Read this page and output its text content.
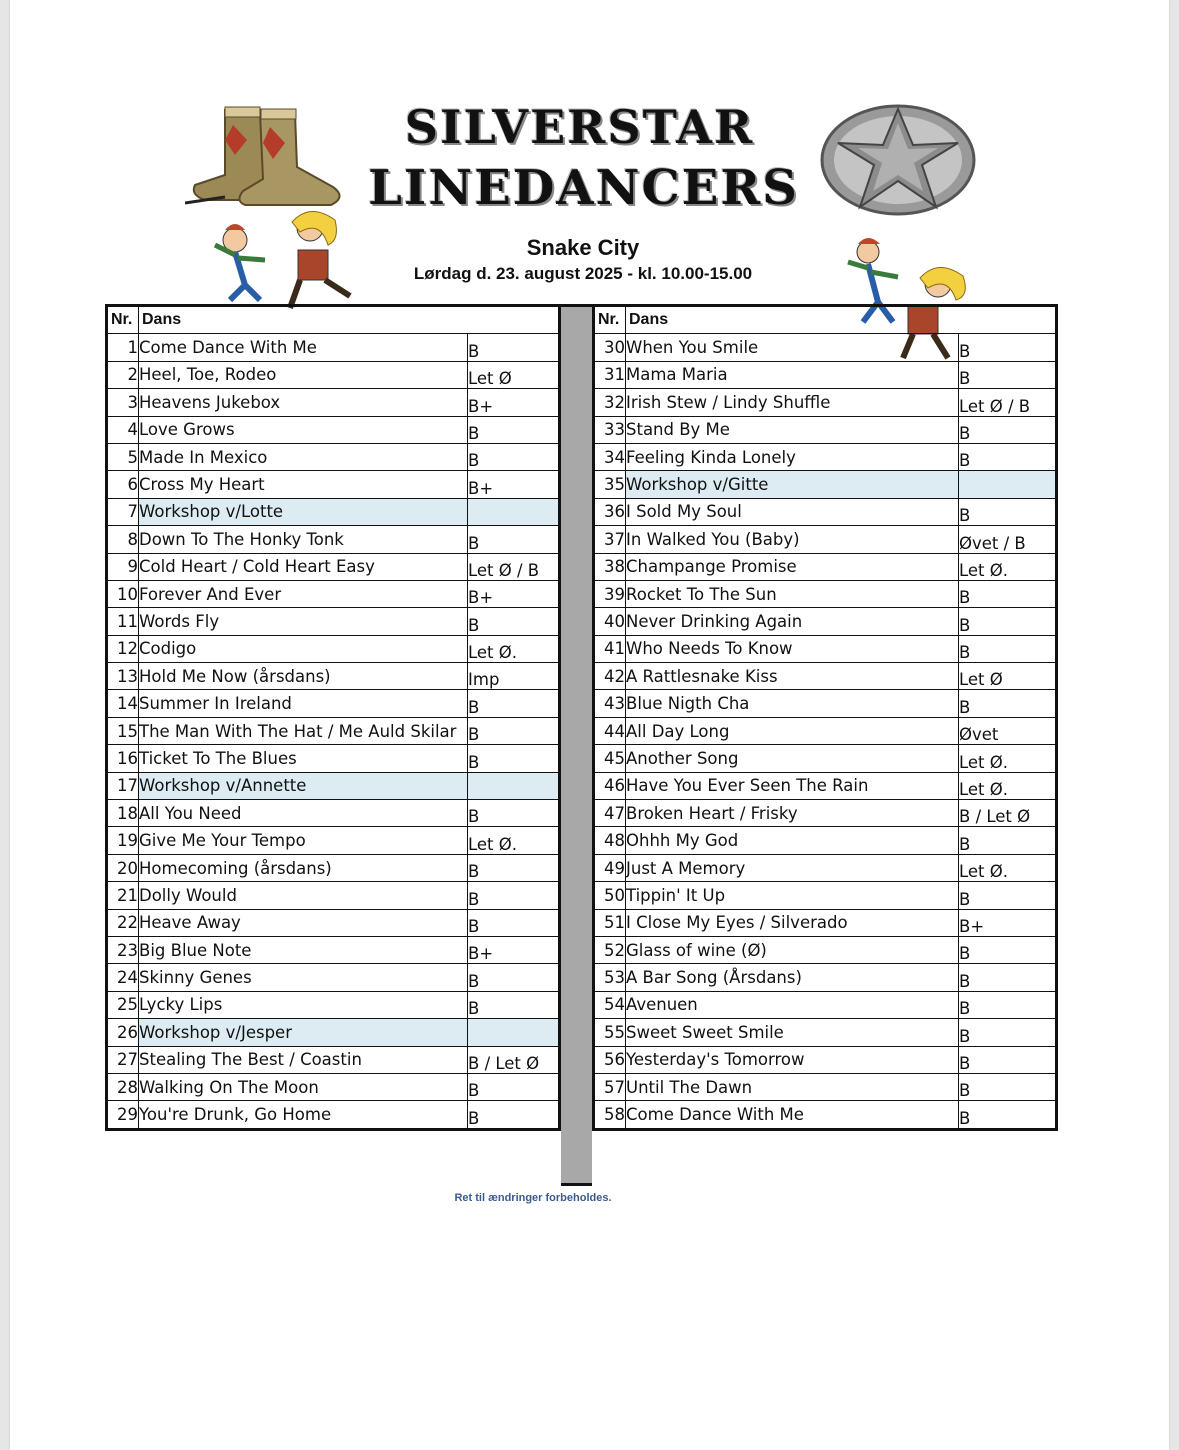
SILVERSTAR
LINEDANCERS
Snake City
Lørdag d. 23. august 2025 - kl. 10.00-15.00
Nr.	Dans	
1	Come Dance With Me	B
2	Heel, Toe, Rodeo	Let Ø
3	Heavens Jukebox	B+
4	Love Grows	B
5	Made In Mexico	B
6	Cross My Heart	B+
7	Workshop v/Lotte	
8	Down To The Honky Tonk	B
9	Cold Heart / Cold Heart Easy	Let Ø / B
10	Forever And Ever	B+
11	Words Fly	B
12	Codigo	Let Ø.
13	Hold Me Now (årsdans)	Imp
14	Summer In Ireland	B
15	The Man With The Hat / Me Auld Skilar	B
16	Ticket To The Blues	B
17	Workshop v/Annette	
18	All You Need	B
19	Give Me Your Tempo	Let Ø.
20	Homecoming (årsdans)	B
21	Dolly Would	B
22	Heave Away	B
23	Big Blue Note	B+
24	Skinny Genes	B
25	Lycky Lips	B
26	Workshop v/Jesper	
27	Stealing The Best / Coastin	B / Let Ø
28	Walking On The Moon	B
29	You're Drunk, Go Home	B
Nr.	Dans	
30	When You Smile	B
31	Mama Maria	B
32	Irish Stew / Lindy Shuffle	Let Ø / B
33	Stand By Me	B
34	Feeling Kinda Lonely	B
35	Workshop v/Gitte	
36	I Sold My Soul	B
37	In Walked You (Baby)	Øvet / B
38	Champange Promise	Let Ø.
39	Rocket To The Sun	B
40	Never Drinking Again	B
41	Who Needs To Know	B
42	A Rattlesnake Kiss	Let Ø
43	Blue Nigth Cha	B
44	All Day Long	Øvet
45	Another Song	Let Ø.
46	Have You Ever Seen The Rain	Let Ø.
47	Broken Heart / Frisky	B / Let Ø
48	Ohhh My God	B
49	Just A Memory	Let Ø.
50	Tippin' It Up	B
51	I Close My Eyes / Silverado	B+
52	Glass of wine (Ø)	B
53	A Bar Song (Årsdans)	B
54	Avenuen	B
55	Sweet Sweet Smile	B
56	Yesterday's Tomorrow	B
57	Until The Dawn	B
58	Come Dance With Me	B
Ret til ændringer forbeholdes.
